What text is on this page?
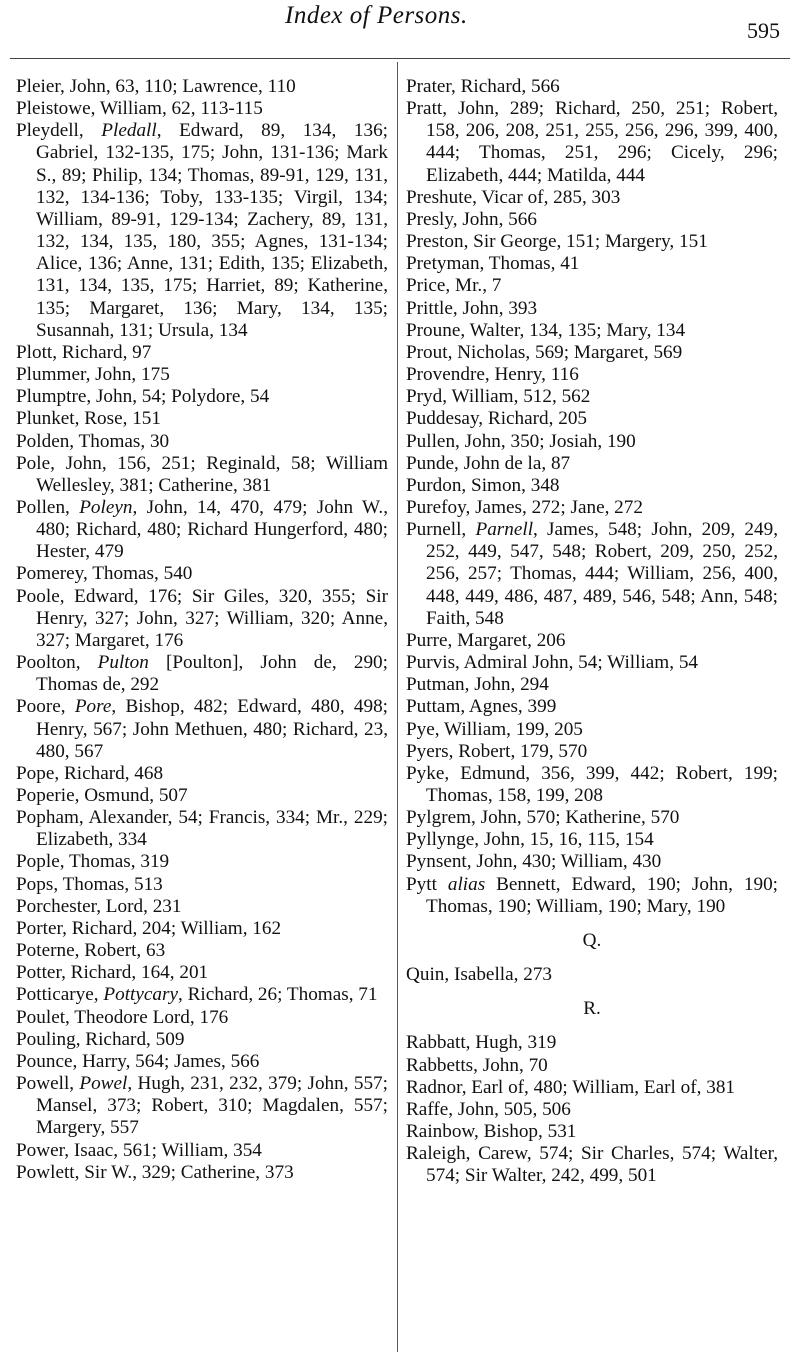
Index of Persons.
595

Pleier, John, 63, 110; Lawrence, 110

Pleistowe, William, 62, 113-115

Pleydell, Pledall, Edward, 89, 134, 136; Gabriel, 132-135, 175; John, 131-136; Mark S., 89; Philip, 134; Thomas, 89-91, 129, 131, 132, 134-136; Toby, 133-135; Virgil, 134; William, 89-91, 129-134; Zachery, 89, 131, 132, 134, 135, 180, 355; Agnes, 131-134; Alice, 136; Anne, 131; Edith, 135; Elizabeth, 131, 134, 135, 175; Harriet, 89; Katherine, 135; Margaret, 136; Mary, 134, 135; Susannah, 131; Ursula, 134

Plott, Richard, 97

Plummer, John, 175

Plumptre, John, 54; Polydore, 54

Plunket, Rose, 151

Polden, Thomas, 30

Pole, John, 156, 251; Reginald, 58; William Wellesley, 381; Catherine, 381

Pollen, Poleyn, John, 14, 470, 479; John W., 480; Richard, 480; Richard Hungerford, 480; Hester, 479

Pomerey, Thomas, 540

Poole, Edward, 176; Sir Giles, 320, 355; Sir Henry, 327; John, 327; William, 320; Anne, 327; Margaret, 176

Poolton, Pulton [Poulton], John de, 290; Thomas de, 292

Poore, Pore, Bishop, 482; Edward, 480, 498; Henry, 567; John Methuen, 480; Richard, 23, 480, 567

Pope, Richard, 468

Poperie, Osmund, 507

Popham, Alexander, 54; Francis, 334; Mr., 229; Elizabeth, 334

Pople, Thomas, 319

Pops, Thomas, 513

Porchester, Lord, 231

Porter, Richard, 204; William, 162

Poterne, Robert, 63

Potter, Richard, 164, 201

Potticarye, Pottycary, Richard, 26; Thomas, 71

Poulet, Theodore Lord, 176

Pouling, Richard, 509

Pounce, Harry, 564; James, 566

Powell, Powel, Hugh, 231, 232, 379; John, 557; Mansel, 373; Robert, 310; Magdalen, 557; Margery, 557

Power, Isaac, 561; William, 354

Powlett, Sir W., 329; Catherine, 373

Prater, Richard, 566

Pratt, John, 289; Richard, 250, 251; Robert, 158, 206, 208, 251, 255, 256, 296, 399, 400, 444; Thomas, 251, 296; Cicely, 296; Elizabeth, 444; Matilda, 444

Preshute, Vicar of, 285, 303

Presly, John, 566

Preston, Sir George, 151; Margery, 151

Pretyman, Thomas, 41

Price, Mr., 7

Prittle, John, 393

Proune, Walter, 134, 135; Mary, 134

Prout, Nicholas, 569; Margaret, 569

Provendre, Henry, 116

Pryd, William, 512, 562

Puddesay, Richard, 205

Pullen, John, 350; Josiah, 190

Punde, John de la, 87

Purdon, Simon, 348

Purefoy, James, 272; Jane, 272

Purnell, Parnell, James, 548; John, 209, 249, 252, 449, 547, 548; Robert, 209, 250, 252, 256, 257; Thomas, 444; William, 256, 400, 448, 449, 486, 487, 489, 546, 548; Ann, 548; Faith, 548

Purre, Margaret, 206

Purvis, Admiral John, 54; William, 54

Putman, John, 294

Puttam, Agnes, 399

Pye, William, 199, 205

Pyers, Robert, 179, 570

Pyke, Edmund, 356, 399, 442; Robert, 199; Thomas, 158, 199, 208

Pylgrem, John, 570; Katherine, 570

Pyllynge, John, 15, 16, 115, 154

Pynsent, John, 430; William, 430

Pytt alias Bennett, Edward, 190; John, 190; Thomas, 190; William, 190; Mary, 190

Q.

Quin, Isabella, 273

R.

Rabbatt, Hugh, 319

Rabbetts, John, 70

Radnor, Earl of, 480; William, Earl of, 381

Raffe, John, 505, 506

Rainbow, Bishop, 531

Raleigh, Carew, 574; Sir Charles, 574; Walter, 574; Sir Walter, 242, 499, 501
